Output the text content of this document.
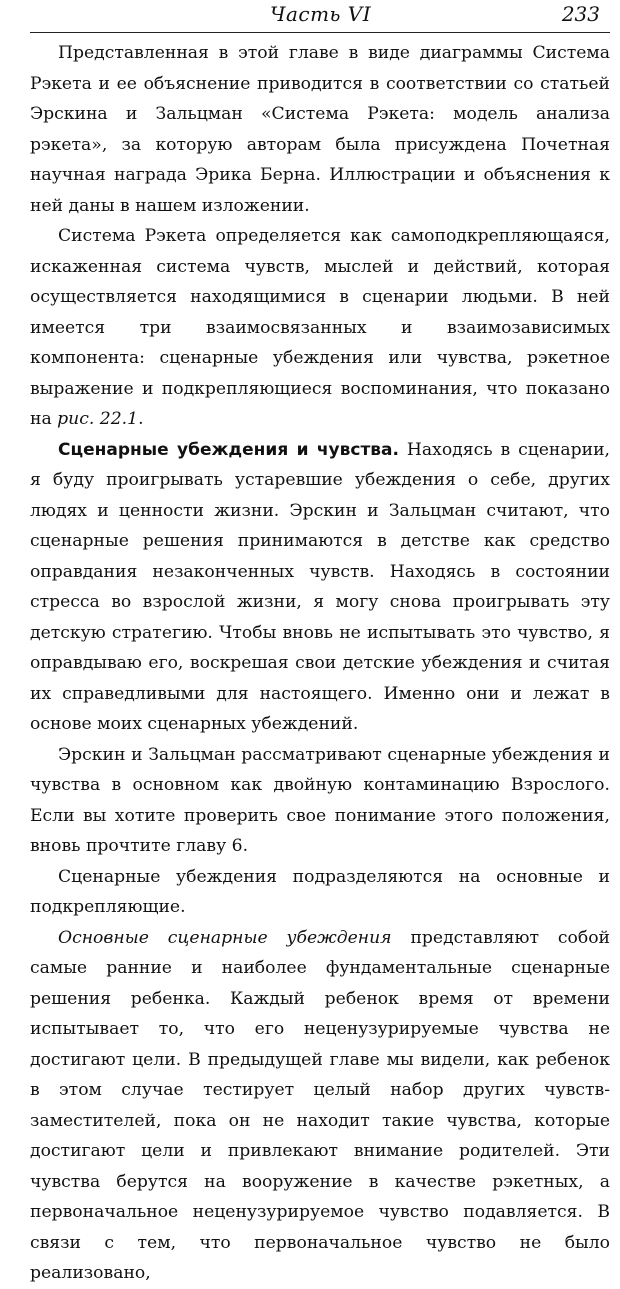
Часть VI	233

Представленная в этой главе в виде диаграммы Система Рэкета и ее объяснение приводится в соответствии со статьей Эрскина и Зальцман «Система Рэкета: модель анализа рэкета», за которую авторам была присуждена Почетная научная награда Эрика Берна. Иллюстрации и объяснения к ней даны в нашем изложении.

Система Рэкета определяется как самоподкрепляющаяся, искаженная система чувств, мыслей и действий, которая осуществляется находящимися в сценарии людьми. В ней имеется три взаимосвязанных и взаимозависимых компонента: сценарные убеждения или чувства, рэкетное выражение и подкрепляющиеся воспоминания, что показано на рис. 22.1.

Сценарные убеждения и чувства. Находясь в сценарии, я буду проигрывать устаревшие убеждения о себе, других людях и ценности жизни. Эрскин и Зальцман считают, что сценарные решения принимаются в детстве как средство оправдания незаконченных чувств. Находясь в состоянии стресса во взрослой жизни, я могу снова проигрывать эту детскую стратегию. Чтобы вновь не испытывать это чувство, я оправдываю его, воскрешая свои детские убеждения и считая их справедливыми для настоящего. Именно они и лежат в основе моих сценарных убеждений.

Эрскин и Зальцман рассматривают сценарные убеждения и чувства в основном как двойную контаминацию Взрослого. Если вы хотите проверить свое понимание этого положения, вновь прочтите главу 6.

Сценарные убеждения подразделяются на основные и подкрепляющие.

Основные сценарные убеждения представляют собой самые ранние и наиболее фундаментальные сценарные решения ребенка. Каждый ребенок время от времени испытывает то, что его неценузурируемые чувства не достигают цели. В предыдущей главе мы видели, как ребенок в этом случае тестирует целый набор других чувств-заместителей, пока он не находит такие чувства, которые достигают цели и привлекают внимание родителей. Эти чувства берутся на вооружение в качестве рэкетных, а первоначальное неценузурируемое чувство подавляется. В связи с тем, что первоначальное чувство не было реализовано,
